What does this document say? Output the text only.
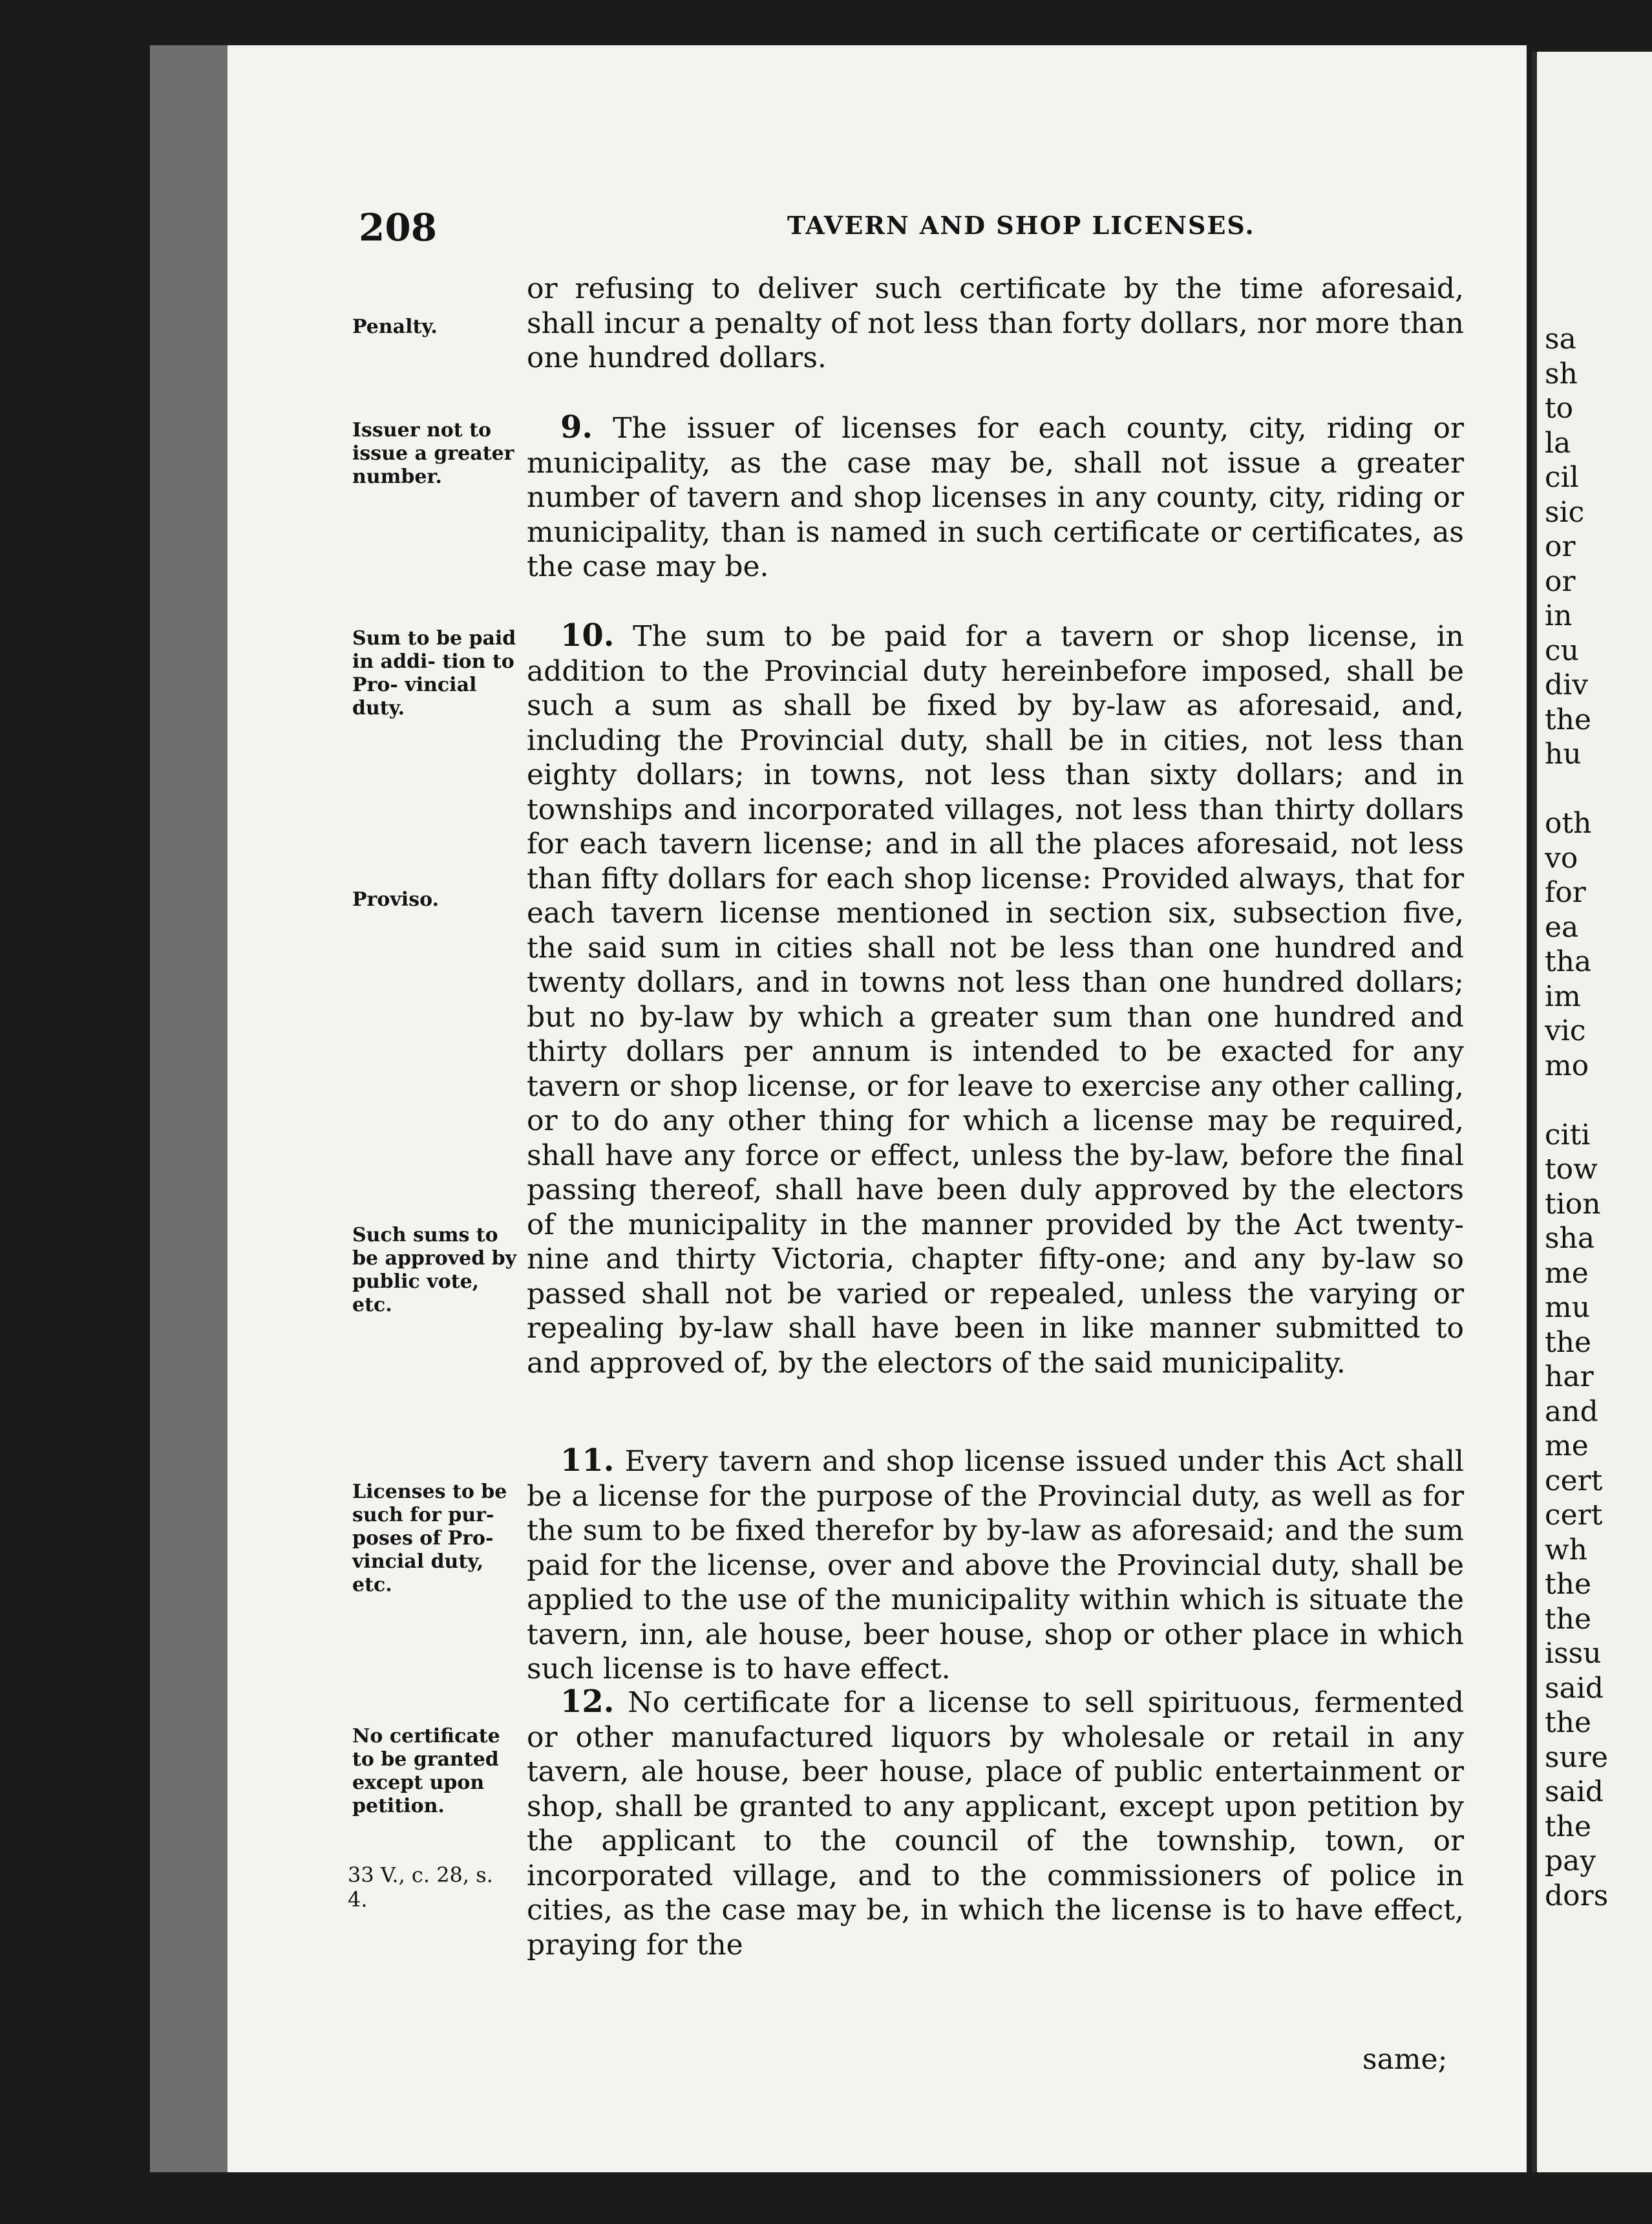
208	TAVERN AND SHOP LICENSES.
Penalty.
Issuer not to issue a greater number.
Sum to be paid in addi- tion to Pro- vincial duty.
Proviso.
Such sums to be approved by public vote, etc.
Licenses to be such for pur- poses of Pro- vincial duty, etc.
No certificate to be granted except upon petition.
33 V., c. 28, s. 4.
or refusing to deliver such certificate by the time aforesaid, shall incur a penalty of not less than forty dollars, nor more than one hundred dollars.
9. The issuer of licenses for each county, city, riding or municipality, as the case may be, shall not issue a greater number of tavern and shop licenses in any county, city, riding or municipality, than is named in such certificate or certificates, as the case may be.
10. The sum to be paid for a tavern or shop license, in addition to the Provincial duty hereinbefore imposed, shall be such a sum as shall be fixed by by-law as aforesaid, and, including the Provincial duty, shall be in cities, not less than eighty dollars; in towns, not less than sixty dollars; and in townships and incorporated villages, not less than thirty dollars for each tavern license; and in all the places aforesaid, not less than fifty dollars for each shop license: Provided always, that for each tavern license mentioned in section six, subsection five, the said sum in cities shall not be less than one hundred and twenty dollars, and in towns not less than one hundred dollars; but no by-law by which a greater sum than one hundred and thirty dollars per annum is intended to be exacted for any tavern or shop license, or for leave to exercise any other calling, or to do any other thing for which a license may be required, shall have any force or effect, unless the by-law, before the final passing thereof, shall have been duly approved by the electors of the municipality in the manner provided by the Act twenty-nine and thirty Victoria, chapter fifty-one; and any by-law so passed shall not be varied or repealed, unless the varying or repealing by-law shall have been in like manner submitted to and approved of, by the electors of the said municipality.
11. Every tavern and shop license issued under this Act shall be a license for the purpose of the Provincial duty, as well as for the sum to be fixed therefor by by-law as aforesaid; and the sum paid for the license, over and above the Provincial duty, shall be applied to the use of the municipality within which is situate the tavern, inn, ale house, beer house, shop or other place in which such license is to have effect.
12. No certificate for a license to sell spirituous, fermented or other manufactured liquors by wholesale or retail in any tavern, ale house, beer house, place of public entertainment or shop, shall be granted to any applicant, except upon petition by the applicant to the council of the township, town, or incorporated village, and to the commissioners of police in cities, as the case may be, in which the license is to have effect, praying for the
same;
sa
sh
to
la
cil
sic
or
or
in
cu
div
the
hu

oth
vo
for
ea
tha
im
vic
mo

citi
tow
tion
sha
me
mu
the
har
and
me
cert
cert
wh
the
the
issu
said
the
sure
said
the
pay
dors
